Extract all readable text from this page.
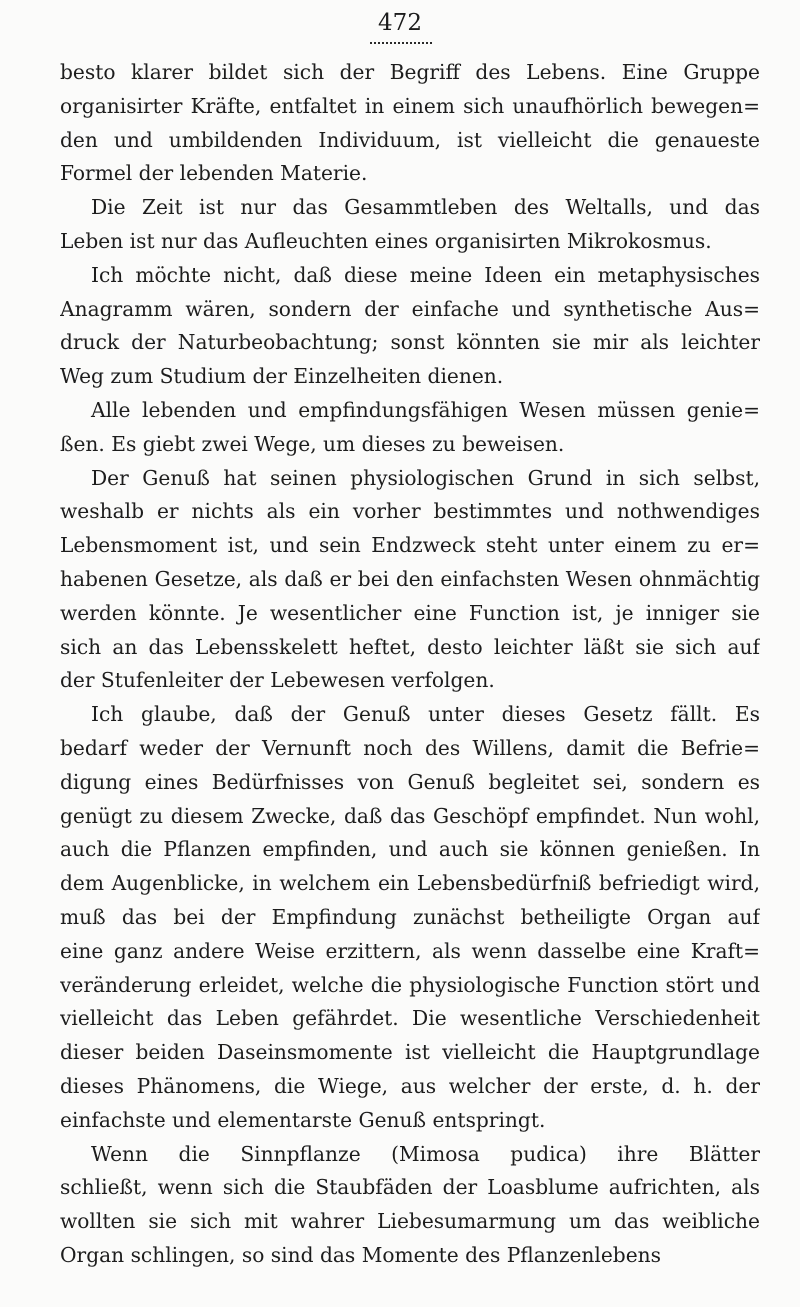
472
besto klarer bildet sich der Begriff des Lebens. Eine Gruppe
organisirter Kräfte, entfaltet in einem sich unaufhörlich bewegen=
den und umbildenden Individuum, ist vielleicht die genaueste
Formel der lebenden Materie.
Die Zeit ist nur das Gesammtleben des Weltalls, und das
Leben ist nur das Aufleuchten eines organisirten Mikrokosmus.
Ich möchte nicht, daß diese meine Ideen ein metaphysisches
Anagramm wären, sondern der einfache und synthetische Aus=
druck der Naturbeobachtung; sonst könnten sie mir als leichter
Weg zum Studium der Einzelheiten dienen.
Alle lebenden und empfindungsfähigen Wesen müssen genie=
ßen. Es giebt zwei Wege, um dieses zu beweisen.
Der Genuß hat seinen physiologischen Grund in sich selbst,
weshalb er nichts als ein vorher bestimmtes und nothwendiges
Lebensmoment ist, und sein Endzweck steht unter einem zu er=
habenen Gesetze, als daß er bei den einfachsten Wesen ohnmächtig
werden könnte. Je wesentlicher eine Function ist, je inniger sie
sich an das Lebensskelett heftet, desto leichter läßt sie sich auf
der Stufenleiter der Lebewesen verfolgen.
Ich glaube, daß der Genuß unter dieses Gesetz fällt. Es
bedarf weder der Vernunft noch des Willens, damit die Befrie=
digung eines Bedürfnisses von Genuß begleitet sei, sondern es
genügt zu diesem Zwecke, daß das Geschöpf empfindet. Nun wohl,
auch die Pflanzen empfinden, und auch sie können genießen. In
dem Augenblicke, in welchem ein Lebensbedürfniß befriedigt wird,
muß das bei der Empfindung zunächst betheiligte Organ auf
eine ganz andere Weise erzittern, als wenn dasselbe eine Kraft=
veränderung erleidet, welche die physiologische Function stört und
vielleicht das Leben gefährdet. Die wesentliche Verschiedenheit
dieser beiden Daseinsmomente ist vielleicht die Hauptgrundlage
dieses Phänomens, die Wiege, aus welcher der erste, d. h. der
einfachste und elementarste Genuß entspringt.
Wenn die Sinnpflanze (Mimosa pudica) ihre Blätter
schließt, wenn sich die Staubfäden der Loasblume aufrichten, als
wollten sie sich mit wahrer Liebesumarmung um das weibliche
Organ schlingen, so sind das Momente des Pflanzenlebens
